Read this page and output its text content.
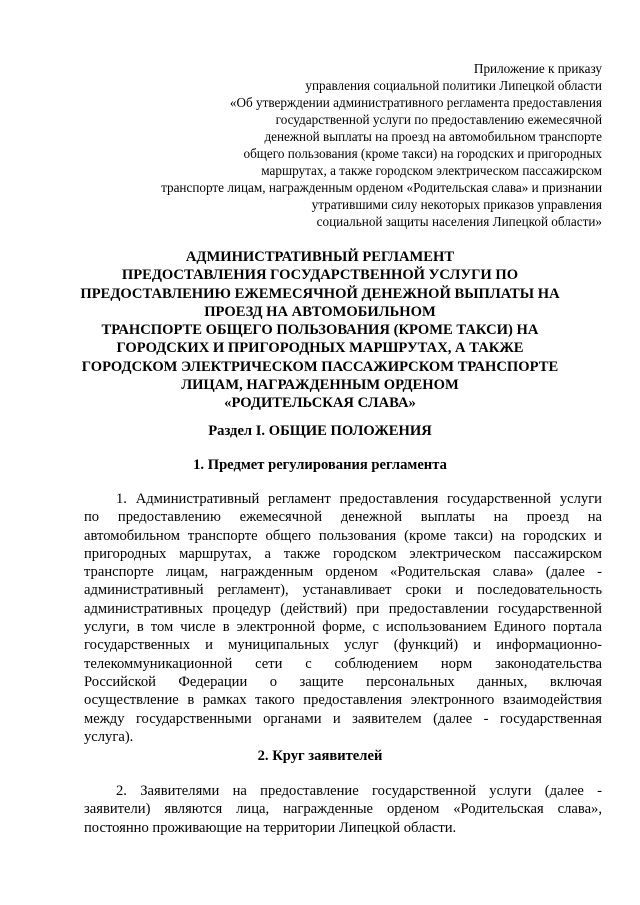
Приложение к приказу
управления социальной политики Липецкой области
«Об утверждении административного регламента предоставления
государственной услуги по предоставлению ежемесячной
денежной выплаты на проезд на автомобильном транспорте
общего пользования (кроме такси) на городских и пригородных
маршрутах, а также городском электрическом пассажирском
транспорте лицам, награжденным орденом «Родительская слава» и признании
утратившими силу некоторых приказов управления
социальной защиты населения Липецкой области»
АДМИНИСТРАТИВНЫЙ РЕГЛАМЕНТ
ПРЕДОСТАВЛЕНИЯ ГОСУДАРСТВЕННОЙ УСЛУГИ ПО
ПРЕДОСТАВЛЕНИЮ ЕЖЕМЕСЯЧНОЙ ДЕНЕЖНОЙ ВЫПЛАТЫ НА
ПРОЕЗД НА АВТОМОБИЛЬНОМ
ТРАНСПОРТЕ ОБЩЕГО ПОЛЬЗОВАНИЯ (КРОМЕ ТАКСИ) НА
ГОРОДСКИХ И ПРИГОРОДНЫХ МАРШРУТАХ, А ТАКЖЕ
ГОРОДСКОМ ЭЛЕКТРИЧЕСКОМ ПАССАЖИРСКОМ ТРАНСПОРТЕ
ЛИЦАМ, НАГРАЖДЕННЫМ ОРДЕНОМ
«РОДИТЕЛЬСКАЯ СЛАВА»
Раздел I. ОБЩИЕ ПОЛОЖЕНИЯ
1. Предмет регулирования регламента
1. Административный регламент предоставления государственной услуги
по предоставлению ежемесячной денежной выплаты на проезд на
автомобильном транспорте общего пользования (кроме такси) на городских и
пригородных маршрутах, а также городском электрическом пассажирском
транспорте лицам, награжденным орденом «Родительская слава» (далее -
административный регламент), устанавливает сроки и последовательность
административных процедур (действий) при предоставлении государственной
услуги, в том числе в электронной форме, с использованием Единого портала
государственных и муниципальных услуг (функций) и информационно-
телекоммуникационной сети с соблюдением норм законодательства
Российской Федерации о защите персональных данных, включая
осуществление в рамках такого предоставления электронного взаимодействия
между государственными органами и заявителем (далее - государственная
услуга).
2. Круг заявителей
2. Заявителями на предоставление государственной услуги (далее -
заявители) являются лица, награжденные орденом «Родительская слава»,
постоянно проживающие на территории Липецкой области.
